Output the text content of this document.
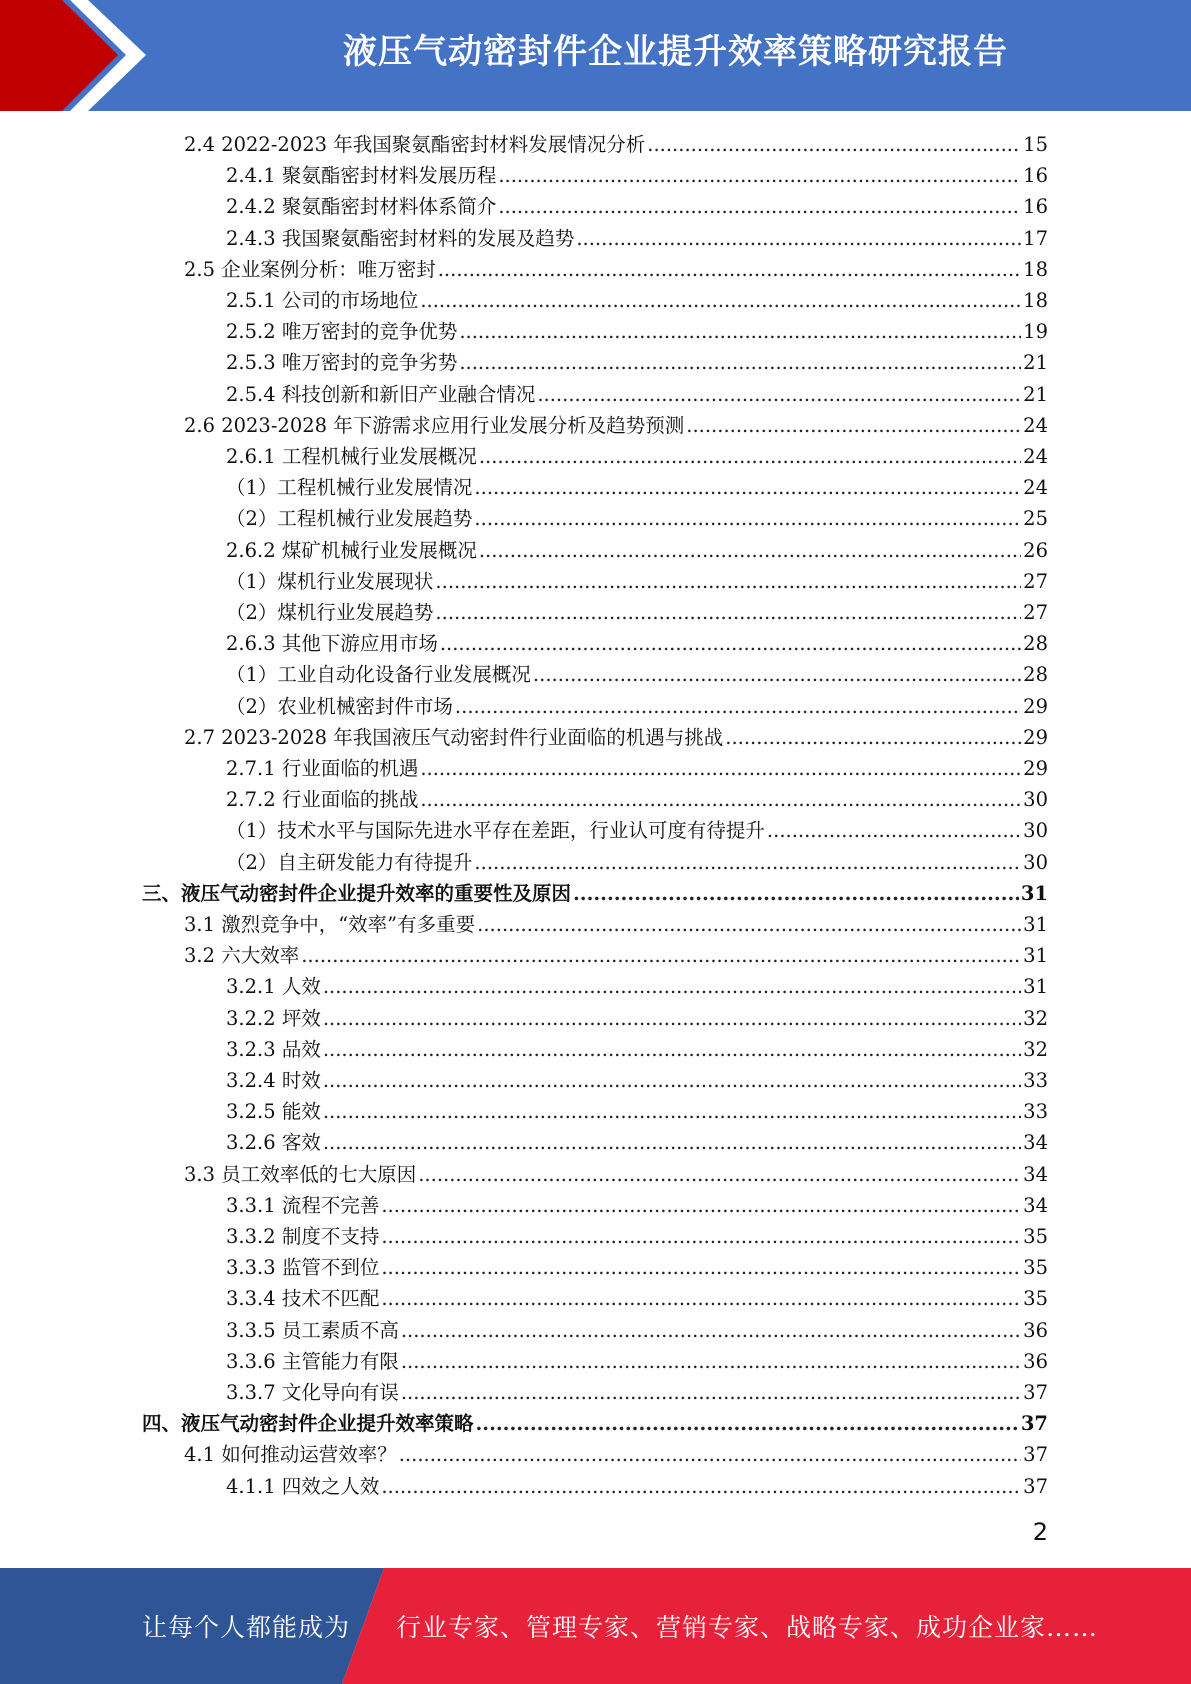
液压气动密封件企业提升效率策略研究报告
2.4 2022-2023 年我国聚氨酯密封材料发展情况分析 .....	15
2.4.1 聚氨酯密封材料发展历程 .....	16
2.4.2 聚氨酯密封材料体系简介 .....	16
2.4.3 我国聚氨酯密封材料的发展及趋势 .....	17
2.5 企业案例分析：唯万密封 .....	18
2.5.1 公司的市场地位 .....	18
2.5.2 唯万密封的竞争优势 .....	19
2.5.3 唯万密封的竞争劣势 .....	21
2.5.4 科技创新和新旧产业融合情况 .....	21
2.6 2023-2028 年下游需求应用行业发展分析及趋势预测 .....	24
2.6.1 工程机械行业发展概况 .....	24
（1）工程机械行业发展情况 .....	24
（2）工程机械行业发展趋势 .....	25
2.6.2 煤矿机械行业发展概况 .....	26
（1）煤机行业发展现状 .....	27
（2）煤机行业发展趋势 .....	27
2.6.3 其他下游应用市场 .....	28
（1）工业自动化设备行业发展概况 .....	28
（2）农业机械密封件市场 .....	29
2.7 2023-2028 年我国液压气动密封件行业面临的机遇与挑战 .....	29
2.7.1 行业面临的机遇 .....	29
2.7.2 行业面临的挑战 .....	30
（1）技术水平与国际先进水平存在差距，行业认可度有待提升 .....	30
（2）自主研发能力有待提升 .....	30
三、液压气动密封件企业提升效率的重要性及原因 .....	31
3.1 激烈竞争中，“效率”有多重要 .....	31
3.2 六大效率 .....	31
3.2.1 人效 .....	31
3.2.2 坪效 .....	32
3.2.3 品效 .....	32
3.2.4 时效 .....	33
3.2.5 能效 .....	33
3.2.6 客效 .....	34
3.3 员工效率低的七大原因 .....	34
3.3.1 流程不完善 .....	34
3.3.2 制度不支持 .....	35
3.3.3 监管不到位 .....	35
3.3.4 技术不匹配 .....	35
3.3.5 员工素质不高 .....	36
3.3.6 主管能力有限 .....	36
3.3.7 文化导向有误 .....	37
四、液压气动密封件企业提升效率策略 .....	37
4.1 如何推动运营效率？ .....	37
4.1.1 四效之人效 .....	37
2
让每个人都能成为 行业专家、管理专家、营销专家、战略专家、成功企业家……
